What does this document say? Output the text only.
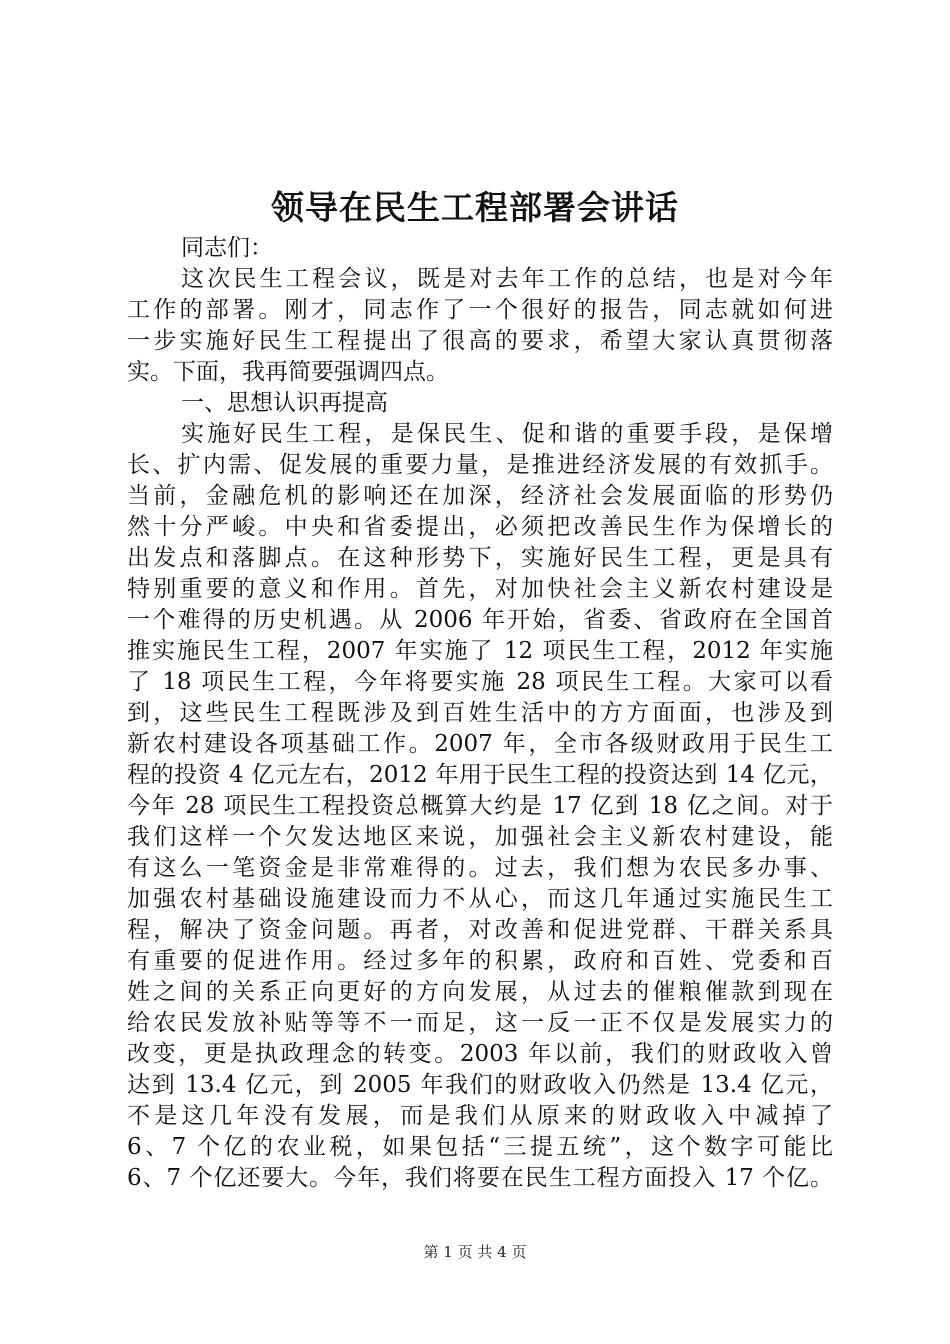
领导在民生工程部署会讲话
同志们：
这次民生工程会议，既是对去年工作的总结，也是对今年
工作的部署。刚才，同志作了一个很好的报告，同志就如何进
一步实施好民生工程提出了很高的要求，希望大家认真贯彻落
实。下面，我再简要强调四点。
一、思想认识再提高
实施好民生工程，是保民生、促和谐的重要手段，是保增
长、扩内需、促发展的重要力量，是推进经济发展的有效抓手。
当前，金融危机的影响还在加深，经济社会发展面临的形势仍
然十分严峻。中央和省委提出，必须把改善民生作为保增长的
出发点和落脚点。在这种形势下，实施好民生工程，更是具有
特别重要的意义和作用。首先，对加快社会主义新农村建设是
一个难得的历史机遇。从 2006 年开始，省委、省政府在全国首
推实施民生工程，2007 年实施了 12 项民生工程，2012 年实施
了 18 项民生工程，今年将要实施 28 项民生工程。大家可以看
到，这些民生工程既涉及到百姓生活中的方方面面，也涉及到
新农村建设各项基础工作。2007 年，全市各级财政用于民生工
程的投资 4 亿元左右，2012 年用于民生工程的投资达到 14 亿元，
今年 28 项民生工程投资总概算大约是 17 亿到 18 亿之间。对于
我们这样一个欠发达地区来说，加强社会主义新农村建设，能
有这么一笔资金是非常难得的。过去，我们想为农民多办事、
加强农村基础设施建设而力不从心，而这几年通过实施民生工
程，解决了资金问题。再者，对改善和促进党群、干群关系具
有重要的促进作用。经过多年的积累，政府和百姓、党委和百
姓之间的关系正向更好的方向发展，从过去的催粮催款到现在
给农民发放补贴等等不一而足，这一反一正不仅是发展实力的
改变，更是执政理念的转变。2003 年以前，我们的财政收入曾
达到 13.4 亿元，到 2005 年我们的财政收入仍然是 13.4 亿元，
不是这几年没有发展，而是我们从原来的财政收入中减掉了
6、7 个亿的农业税，如果包括“三提五统”，这个数字可能比
6、7 个亿还要大。今年，我们将要在民生工程方面投入 17 个亿。
第 1 页 共 4 页
